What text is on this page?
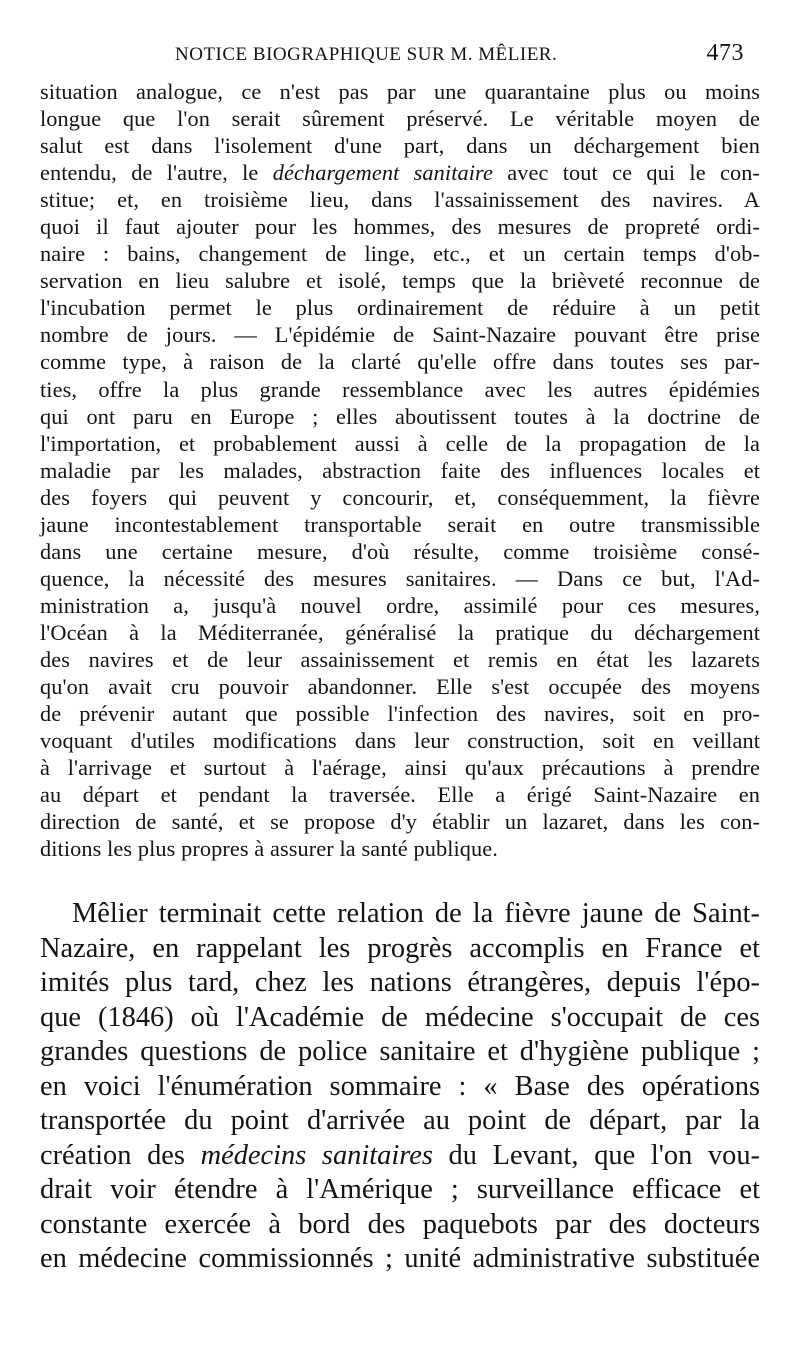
NOTICE BIOGRAPHIQUE SUR M. MÊLIER.	473
situation analogue, ce n'est pas par une quarantaine plus ou moins
longue que l'on serait sûrement préservé. Le véritable moyen de
salut est dans l'isolement d'une part, dans un déchargement bien
entendu, de l'autre, le déchargement sanitaire avec tout ce qui le con-
stitue; et, en troisième lieu, dans l'assainissement des navires. A
quoi il faut ajouter pour les hommes, des mesures de propreté ordi-
naire : bains, changement de linge, etc., et un certain temps d'ob-
servation en lieu salubre et isolé, temps que la brièveté reconnue de
l'incubation permet le plus ordinairement de réduire à un petit
nombre de jours. — L'épidémie de Saint-Nazaire pouvant être prise
comme type, à raison de la clarté qu'elle offre dans toutes ses par-
ties, offre la plus grande ressemblance avec les autres épidémies
qui ont paru en Europe ; elles aboutissent toutes à la doctrine de
l'importation, et probablement aussi à celle de la propagation de la
maladie par les malades, abstraction faite des influences locales et
des foyers qui peuvent y concourir, et, conséquemment, la fièvre
jaune incontestablement transportable serait en outre transmissible
dans une certaine mesure, d'où résulte, comme troisième consé-
quence, la nécessité des mesures sanitaires. — Dans ce but, l'Ad-
ministration a, jusqu'à nouvel ordre, assimilé pour ces mesures,
l'Océan à la Méditerranée, généralisé la pratique du déchargement
des navires et de leur assainissement et remis en état les lazarets
qu'on avait cru pouvoir abandonner. Elle s'est occupée des moyens
de prévenir autant que possible l'infection des navires, soit en pro-
voquant d'utiles modifications dans leur construction, soit en veillant
à l'arrivage et surtout à l'aérage, ainsi qu'aux précautions à prendre
au départ et pendant la traversée. Elle a érigé Saint-Nazaire en
direction de santé, et se propose d'y établir un lazaret, dans les con-
ditions les plus propres à assurer la santé publique.
Mêlier terminait cette relation de la fièvre jaune de Saint-
Nazaire, en rappelant les progrès accomplis en France et
imités plus tard, chez les nations étrangères, depuis l'épo-
que (1846) où l'Académie de médecine s'occupait de ces
grandes questions de police sanitaire et d'hygiène publique ;
en voici l'énumération sommaire : « Base des opérations
transportée du point d'arrivée au point de départ, par la
création des médecins sanitaires du Levant, que l'on vou-
drait voir étendre à l'Amérique ; surveillance efficace et
constante exercée à bord des paquebots par des docteurs
en médecine commissionnés ; unité administrative substituée
